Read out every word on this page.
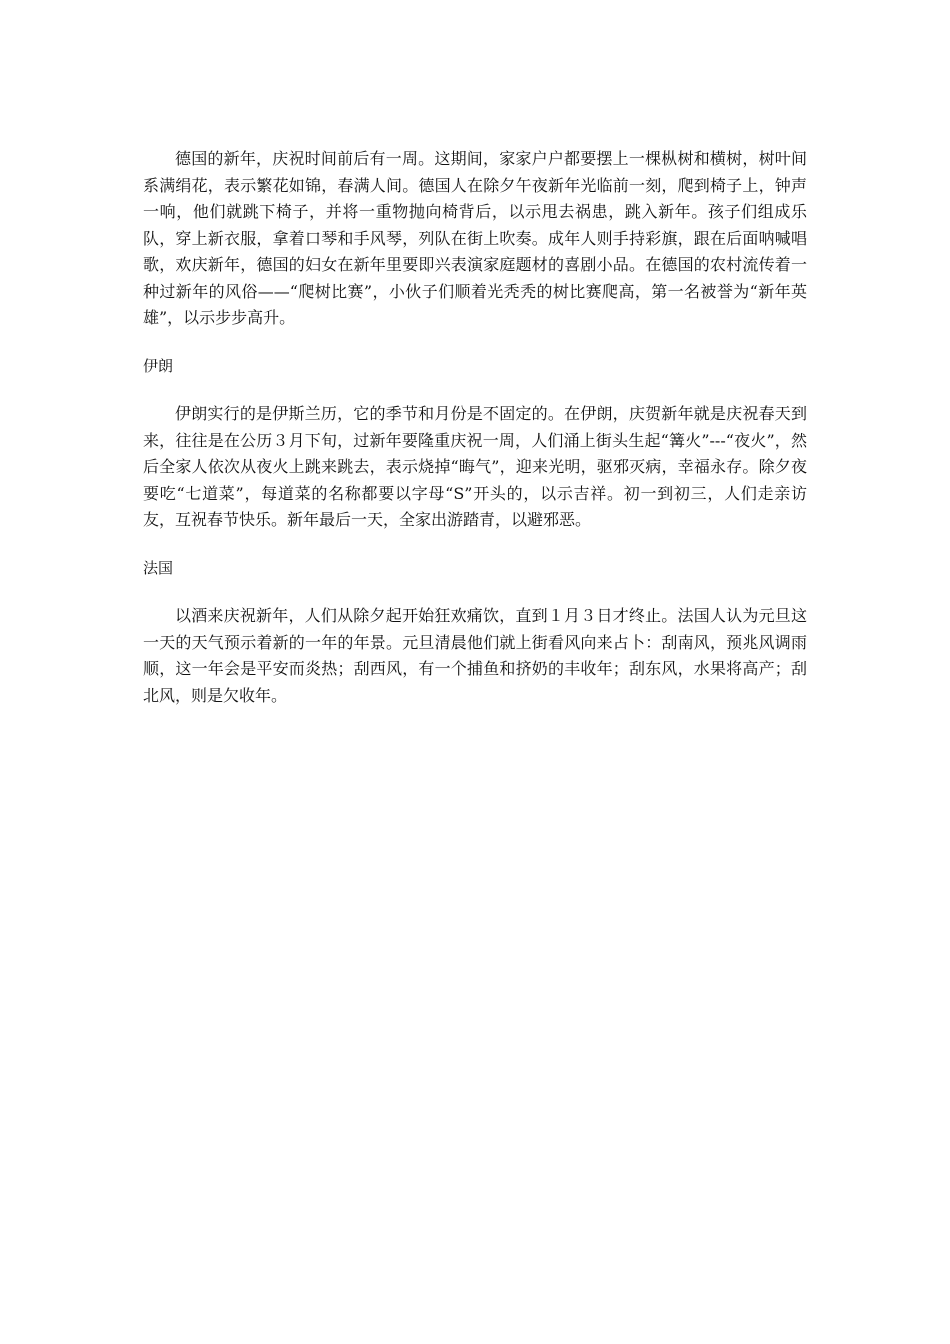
德国的新年，庆祝时间前后有一周。这期间，家家户户都要摆上一棵枞树和横树，树叶间系满绢花，表示繁花如锦，春满人间。德国人在除夕午夜新年光临前一刻，爬到椅子上，钟声一响，他们就跳下椅子，并将一重物抛向椅背后，以示甩去祸患，跳入新年。孩子们组成乐队，穿上新衣服，拿着口琴和手风琴，列队在街上吹奏。成年人则手持彩旗，跟在后面呐喊唱歌，欢庆新年，德国的妇女在新年里要即兴表演家庭题材的喜剧小品。在德国的农村流传着一种过新年的风俗——“爬树比赛”，小伙子们顺着光秃秃的树比赛爬高，第一名被誉为“新年英雄”，以示步步高升。

伊朗

伊朗实行的是伊斯兰历，它的季节和月份是不固定的。在伊朗，庆贺新年就是庆祝春天到来，往往是在公历３月下旬，过新年要隆重庆祝一周，人们涌上街头生起“篝火”---“夜火”，然后全家人依次从夜火上跳来跳去，表示烧掉“晦气”，迎来光明，驱邪灭病，幸福永存。除夕夜要吃“七道菜”，每道菜的名称都要以字母“S”开头的，以示吉祥。初一到初三，人们走亲访友，互祝春节快乐。新年最后一天，全家出游踏青，以避邪恶。

法国

以酒来庆祝新年，人们从除夕起开始狂欢痛饮，直到１月３日才终止。法国人认为元旦这一天的天气预示着新的一年的年景。元旦清晨他们就上街看风向来占卜：刮南风，预兆风调雨顺，这一年会是平安而炎热；刮西风，有一个捕鱼和挤奶的丰收年；刮东风，水果将高产；刮北风，则是欠收年。
